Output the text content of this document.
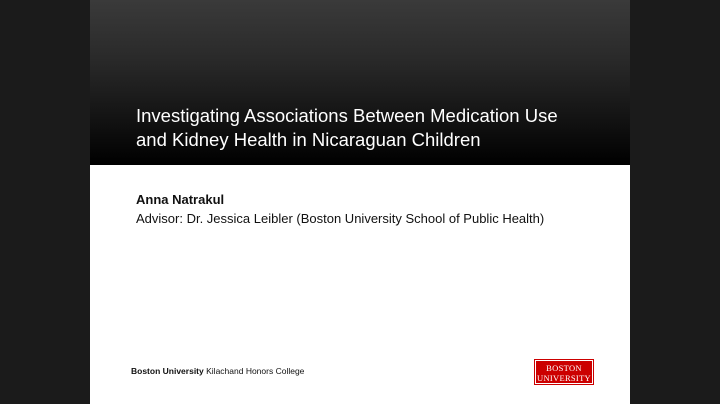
Investigating Associations Between Medication Use
and Kidney Health in Nicaraguan Children
Anna Natrakul
Advisor: Dr. Jessica Leibler (Boston University School of Public Health)
Boston University Kilachand Honors College	BOSTON
UNIVERSITY
